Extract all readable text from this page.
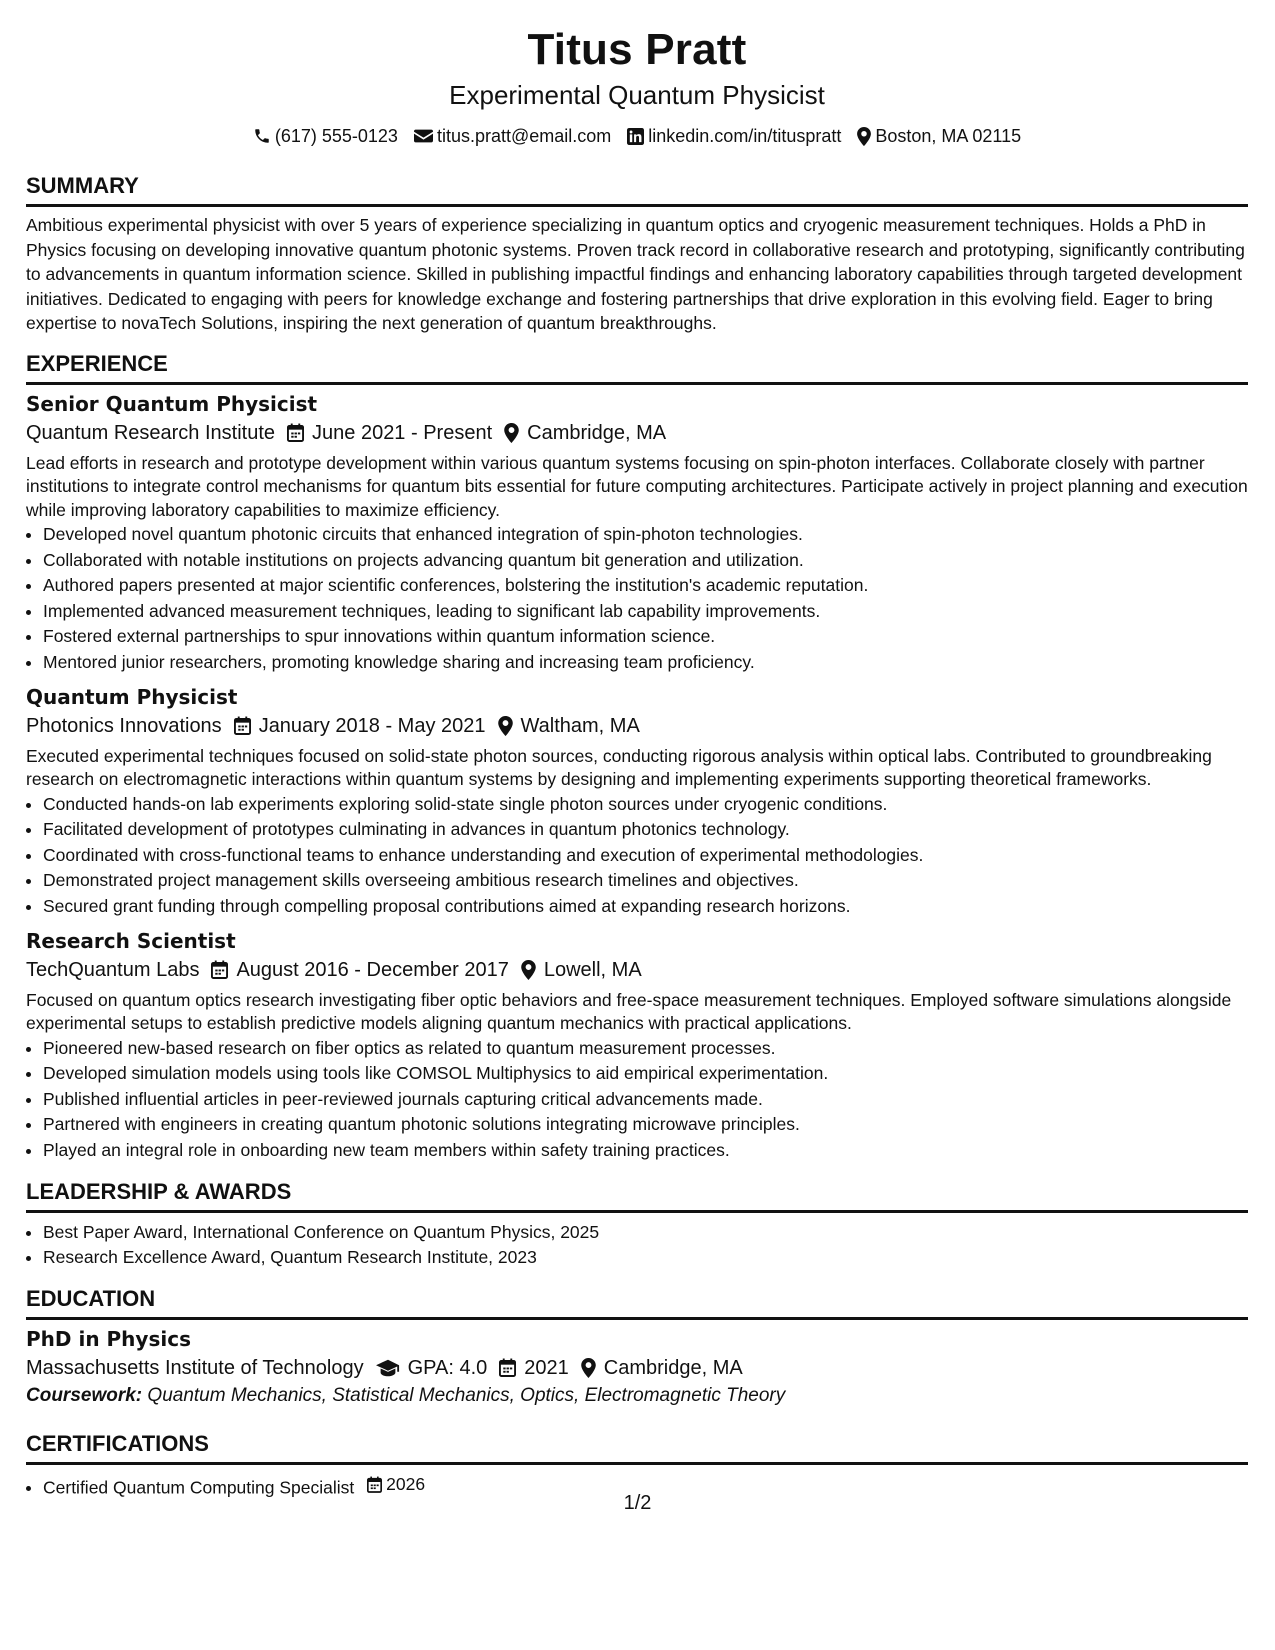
Titus Pratt
Experimental Quantum Physicist
(617) 555-0123 titus.pratt@email.com linkedin.com/in/tituspratt Boston, MA 02115
SUMMARY
Ambitious experimental physicist with over 5 years of experience specializing in quantum optics and cryogenic measurement techniques. Holds a PhD in Physics focusing on developing innovative quantum photonic systems. Proven track record in collaborative research and prototyping, significantly contributing to advancements in quantum information science. Skilled in publishing impactful findings and enhancing laboratory capabilities through targeted development initiatives. Dedicated to engaging with peers for knowledge exchange and fostering partnerships that drive exploration in this evolving field. Eager to bring expertise to novaTech Solutions, inspiring the next generation of quantum breakthroughs.
EXPERIENCE
Senior Quantum Physicist
Quantum Research Institute June 2021 - Present Cambridge, MA
Lead efforts in research and prototype development within various quantum systems focusing on spin-photon interfaces. Collaborate closely with partner institutions to integrate control mechanisms for quantum bits essential for future computing architectures. Participate actively in project planning and execution while improving laboratory capabilities to maximize efficiency.
• Developed novel quantum photonic circuits that enhanced integration of spin-photon technologies.
• Collaborated with notable institutions on projects advancing quantum bit generation and utilization.
• Authored papers presented at major scientific conferences, bolstering the institution's academic reputation.
• Implemented advanced measurement techniques, leading to significant lab capability improvements.
• Fostered external partnerships to spur innovations within quantum information science.
• Mentored junior researchers, promoting knowledge sharing and increasing team proficiency.
Quantum Physicist
Photonics Innovations January 2018 - May 2021 Waltham, MA
Executed experimental techniques focused on solid-state photon sources, conducting rigorous analysis within optical labs. Contributed to groundbreaking research on electromagnetic interactions within quantum systems by designing and implementing experiments supporting theoretical frameworks.
• Conducted hands-on lab experiments exploring solid-state single photon sources under cryogenic conditions.
• Facilitated development of prototypes culminating in advances in quantum photonics technology.
• Coordinated with cross-functional teams to enhance understanding and execution of experimental methodologies.
• Demonstrated project management skills overseeing ambitious research timelines and objectives.
• Secured grant funding through compelling proposal contributions aimed at expanding research horizons.
Research Scientist
TechQuantum Labs August 2016 - December 2017 Lowell, MA
Focused on quantum optics research investigating fiber optic behaviors and free-space measurement techniques. Employed software simulations alongside experimental setups to establish predictive models aligning quantum mechanics with practical applications.
• Pioneered new-based research on fiber optics as related to quantum measurement processes.
• Developed simulation models using tools like COMSOL Multiphysics to aid empirical experimentation.
• Published influential articles in peer-reviewed journals capturing critical advancements made.
• Partnered with engineers in creating quantum photonic solutions integrating microwave principles.
• Played an integral role in onboarding new team members within safety training practices.
LEADERSHIP & AWARDS
• Best Paper Award, International Conference on Quantum Physics, 2025
• Research Excellence Award, Quantum Research Institute, 2023
EDUCATION
PhD in Physics
Massachusetts Institute of Technology GPA: 4.0 2021 Cambridge, MA
Coursework: Quantum Mechanics, Statistical Mechanics, Optics, Electromagnetic Theory
CERTIFICATIONS
• Certified Quantum Computing Specialist 2026
1/2
